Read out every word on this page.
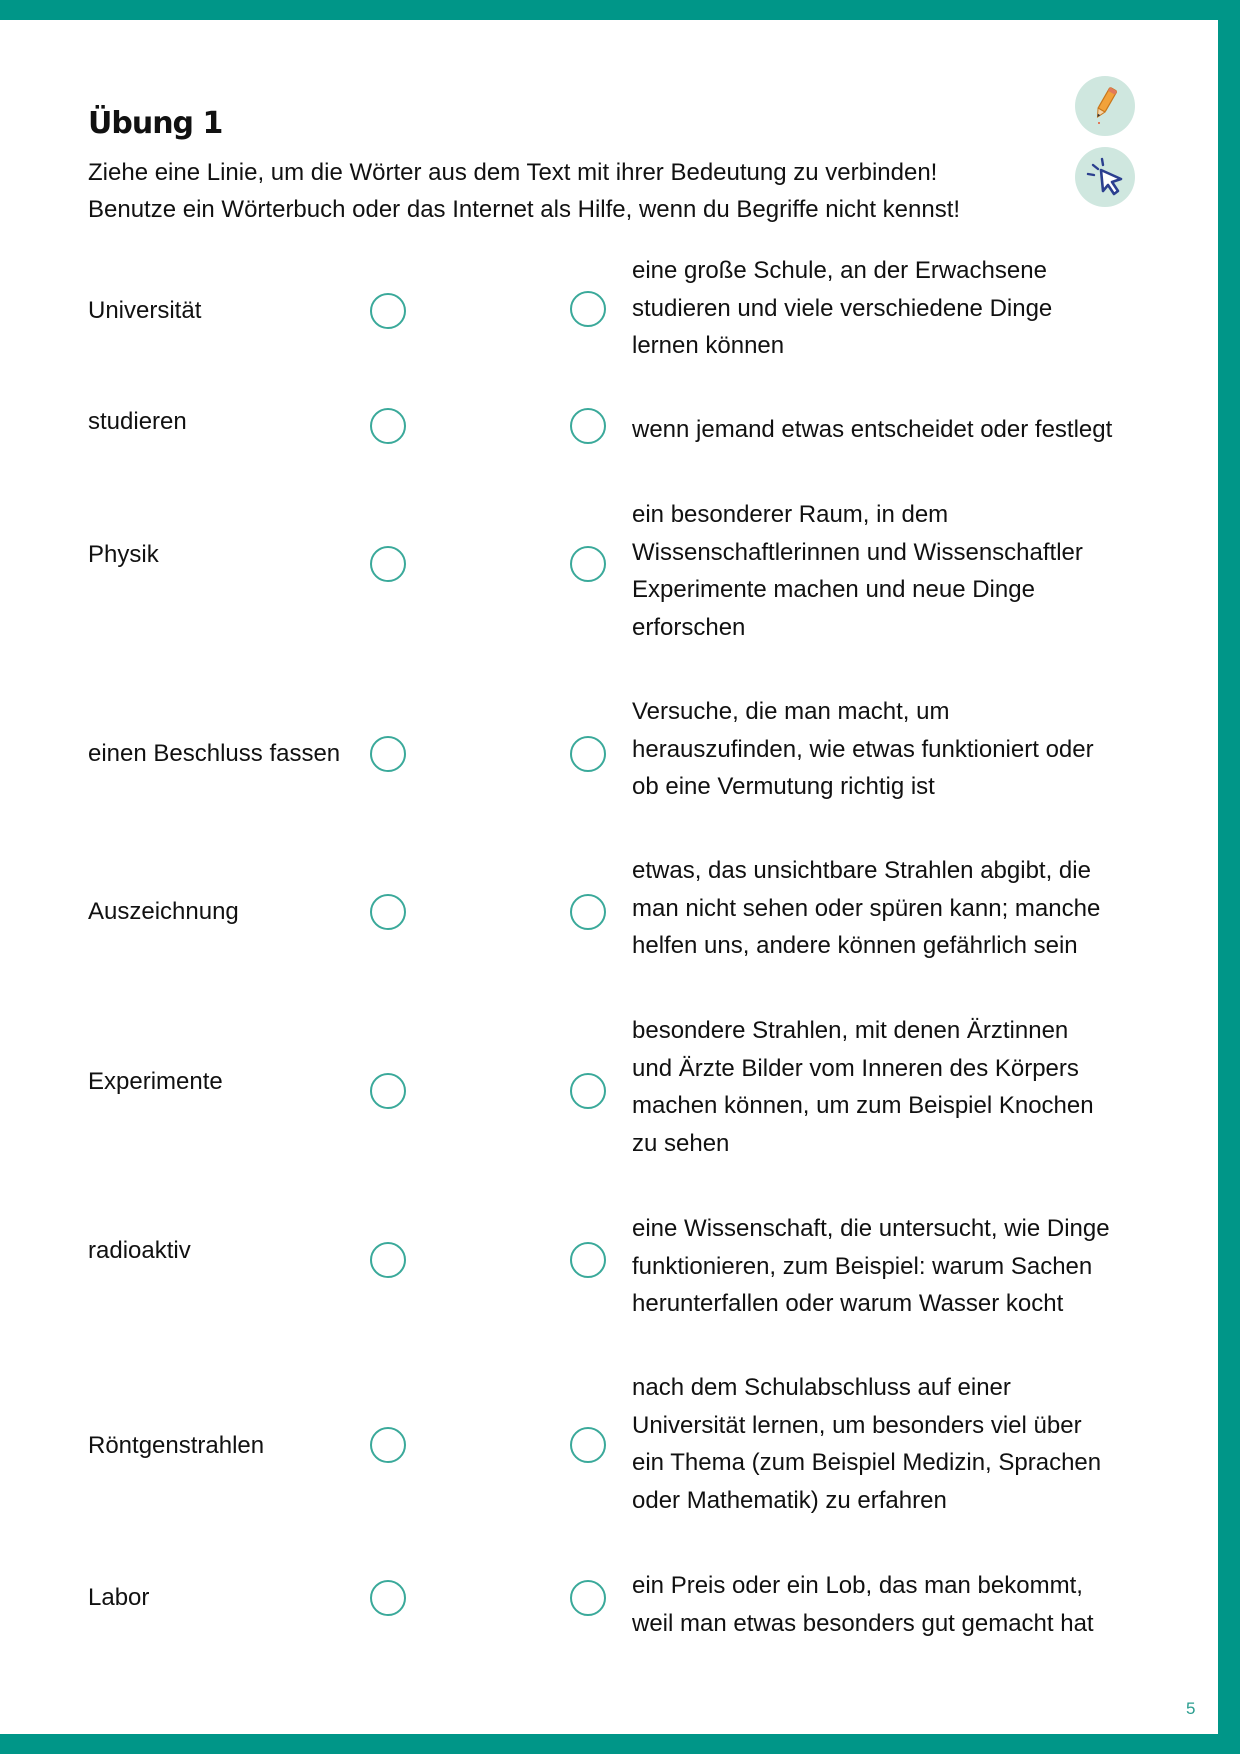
Übung 1
Ziehe eine Linie, um die Wörter aus dem Text mit ihrer Bedeutung zu verbinden!
Benutze ein Wörterbuch oder das Internet als Hilfe, wenn du Begriffe nicht kennst!
Universität
eine große Schule, an der Erwachsene
studieren und viele verschiedene Dinge
lernen können
studieren	wenn jemand etwas entscheidet oder festlegt
Physik
ein besonderer Raum, in dem
Wissenschaftlerinnen und Wissenschaftler
Experimente machen und neue Dinge
erforschen
einen Beschluss fassen
Versuche, die man macht, um
herauszufinden, wie etwas funktioniert oder
ob eine Vermutung richtig ist
Auszeichnung
etwas, das unsichtbare Strahlen abgibt, die
man nicht sehen oder spüren kann; manche
helfen uns, andere können gefährlich sein
Experimente
besondere Strahlen, mit denen Ärztinnen
und Ärzte Bilder vom Inneren des Körpers
machen können, um zum Beispiel Knochen
zu sehen
radioaktiv
eine Wissenschaft, die untersucht, wie Dinge
funktionieren, zum Beispiel: warum Sachen
herunterfallen oder warum Wasser kocht
Röntgenstrahlen
nach dem Schulabschluss auf einer
Universität lernen, um besonders viel über
ein Thema (zum Beispiel Medizin, Sprachen
oder Mathematik) zu erfahren
Labor	ein Preis oder ein Lob, das man bekommt,
weil man etwas besonders gut gemacht hat
5
